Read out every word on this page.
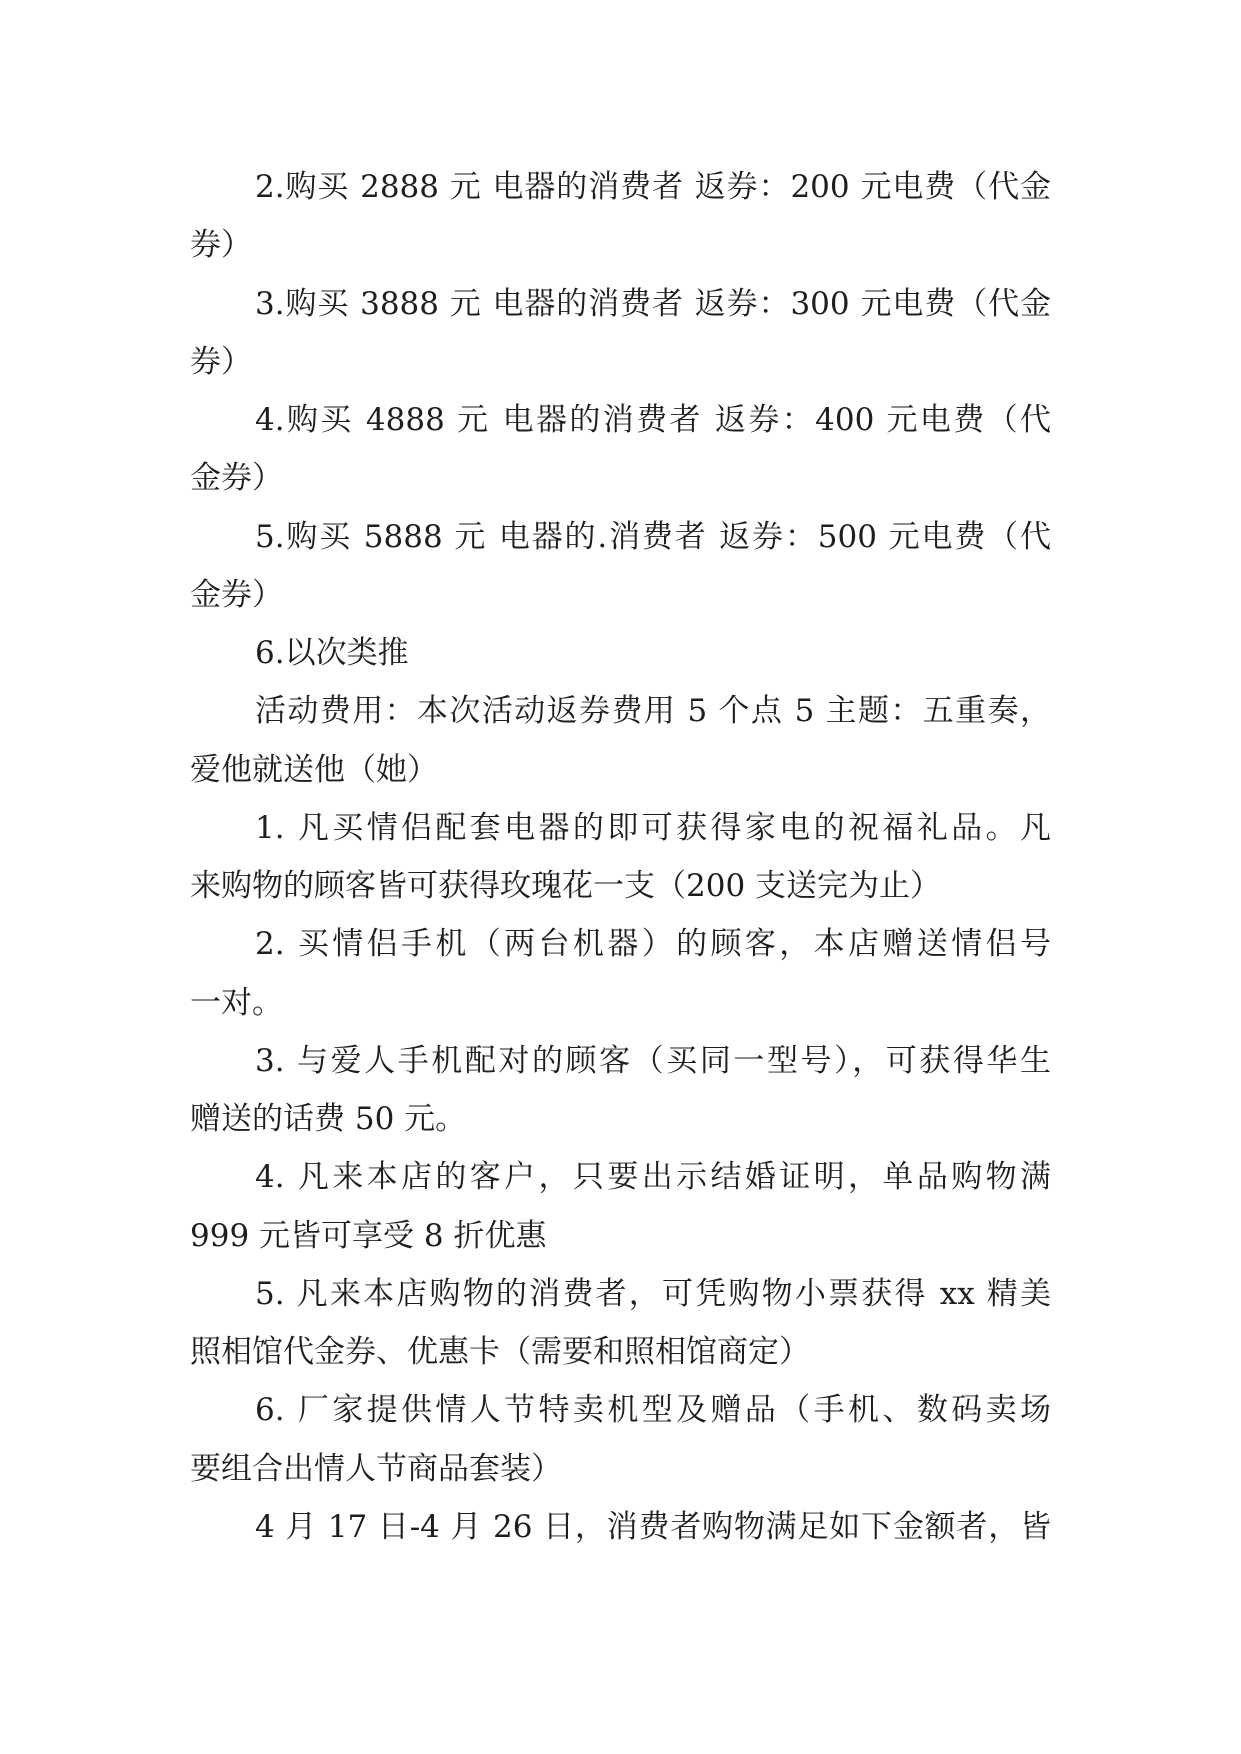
2.购买 2888 元 电器的消费者 返券：200 元电费（代金
券）
3.购买 3888 元 电器的消费者 返券：300 元电费（代金
券）
4.购买 4888 元 电器的消费者 返券：400 元电费（代
金券）
5.购买 5888 元 电器的.消费者 返券：500 元电费（代
金券）
6.以次类推
活动费用：本次活动返券费用 5 个点 5 主题：五重奏，
爱他就送他（她）
1. 凡买情侣配套电器的即可获得家电的祝福礼品。凡
来购物的顾客皆可获得玫瑰花一支（200 支送完为止）
2. 买情侣手机（两台机器）的顾客，本店赠送情侣号
一对。
3. 与爱人手机配对的顾客（买同一型号），可获得华生
赠送的话费 50 元。
4. 凡来本店的客户，只要出示结婚证明，单品购物满
999 元皆可享受 8 折优惠
5. 凡来本店购物的消费者，可凭购物小票获得 xx 精美
照相馆代金券、优惠卡（需要和照相馆商定）
6. 厂家提供情人节特卖机型及赠品（手机、数码卖场
要组合出情人节商品套装）
4 月 17 日-4 月 26 日，消费者购物满足如下金额者，皆
